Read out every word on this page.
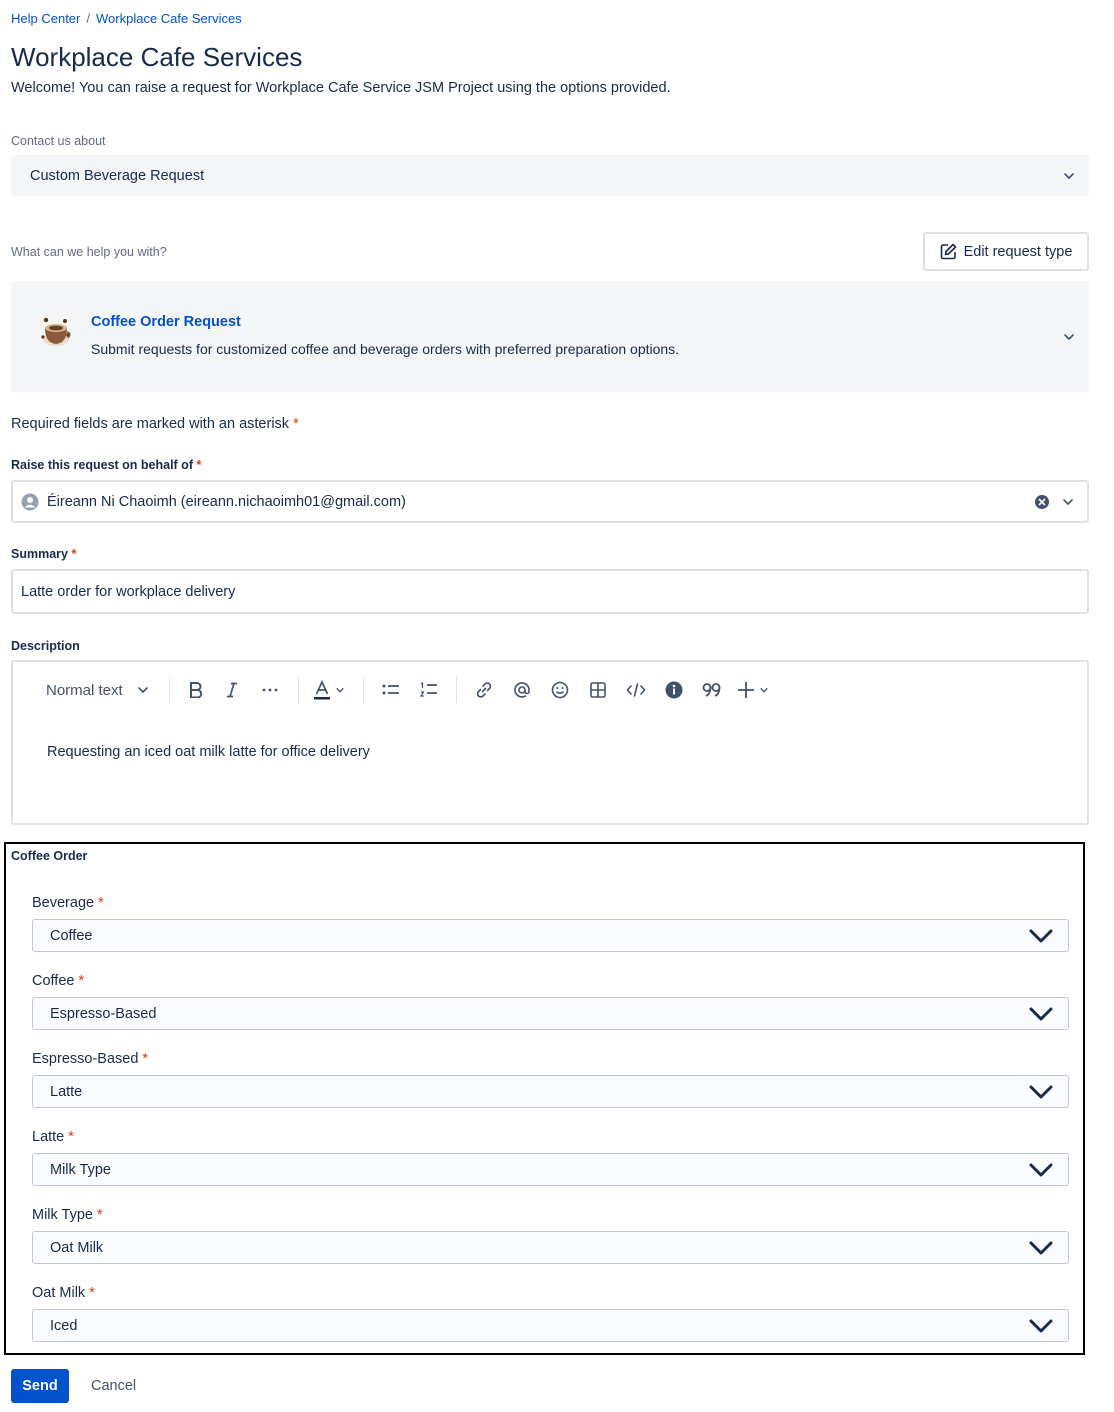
Help Center / Workplace Cafe Services
Workplace Cafe Services
Welcome! You can raise a request for Workplace Cafe Service JSM Project using the options provided.
Contact us about
Custom Beverage Request
What can we help you with?	Edit request type
Coffee Order Request
Submit requests for customized coffee and beverage orders with preferred preparation options.
Required fields are marked with an asterisk *
Raise this request on behalf of *
Éireann Ni Chaoimh (eireann.nichaoimh01@gmail.com)
Summary *
Latte order for workplace delivery
Description
Normal text
Requesting an iced oat milk latte for office delivery
Coffee Order
Beverage *
Coffee
Coffee *
Espresso-Based
Espresso-Based *
Latte
Latte *
Milk Type
Milk Type *
Oat Milk
Oat Milk *
Iced
Send	Cancel
